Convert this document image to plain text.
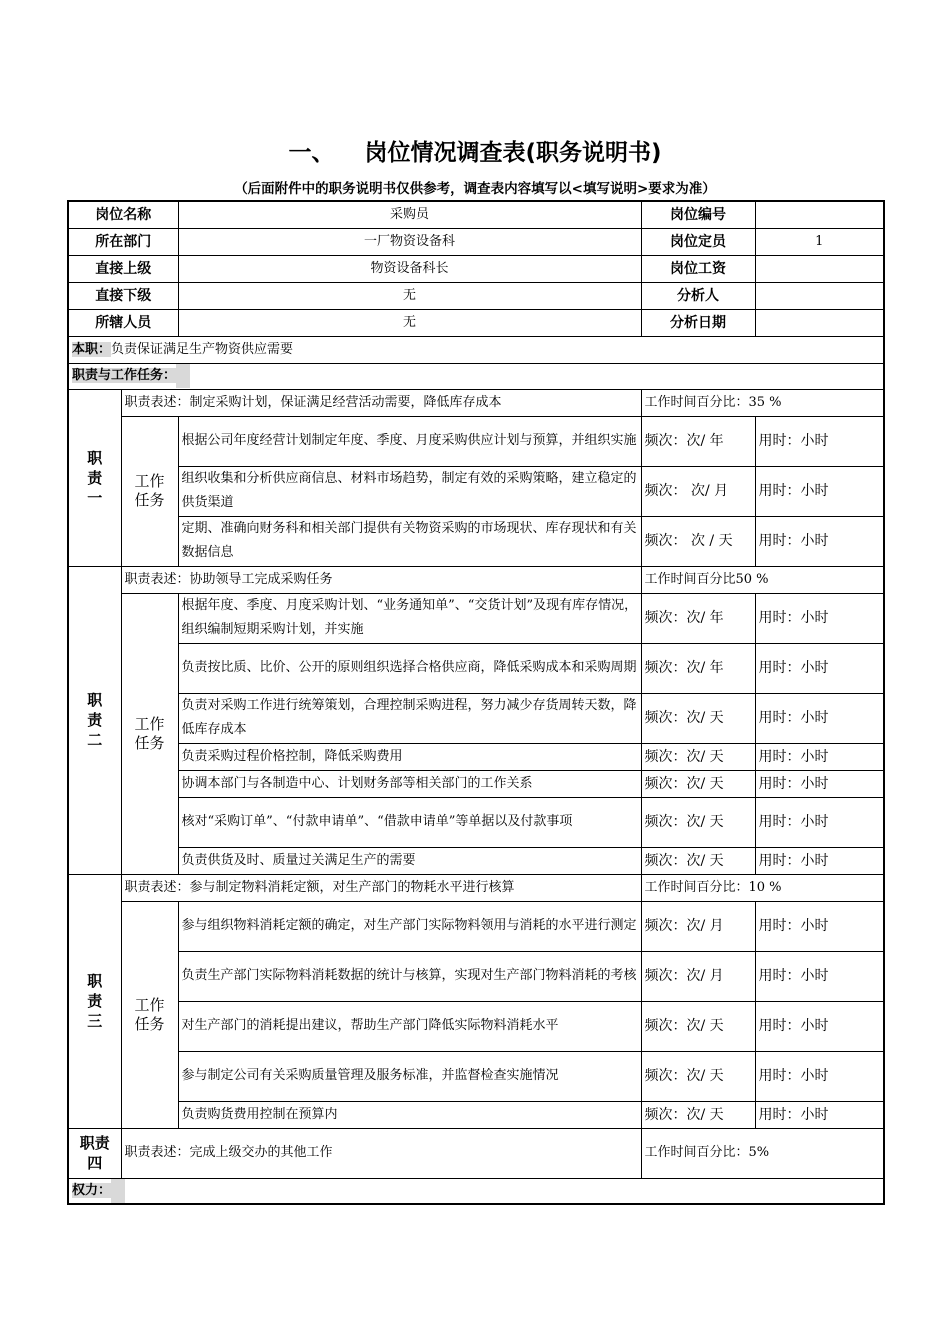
一、 岗位情况调查表(职务说明书)
（后面附件中的职务说明书仅供参考，调查表内容填写以<填写说明>要求为准）
岗位名称		采购员	岗位编号	
所在部门		一厂物资设备科	岗位定员	1
直接上级		物资设备科长	岗位工资	
直接下级		无	分析人	
所辖人员		无	分析日期	
本职：负责保证满足生产物资供应需要				
职责与工作任务：				
职责一	职责表述：制定采购计划，保证满足经营活动需要，降低库存成本		工作时间百分比：35 %	
	工作任务	根据公司年度经营计划制定年度、季度、月度采购供应计划与预算，并组织实施	频次：次/ 年	用时：小时
		组织收集和分析供应商信息、材料市场趋势，制定有效的采购策略，建立稳定的供货渠道	频次： 次/ 月	用时：小时
		定期、准确向财务科和相关部门提供有关物资采购的市场现状、库存现状和有关数据信息	频次： 次 / 天	用时：小时
职责二	职责表述：协助领导工完成采购任务		工作时间百分比50 %	
	工作任务	根据年度、季度、月度采购计划、“业务通知单”、“交货计划”及现有库存情况，组织编制短期采购计划，并实施	频次：次/ 年	用时：小时
		负责按比质、比价、公开的原则组织选择合格供应商，降低采购成本和采购周期	频次：次/ 年	用时：小时
		负责对采购工作进行统筹策划，合理控制采购进程，努力减少存货周转天数，降低库存成本	频次：次/ 天	用时：小时
		负责采购过程价格控制，降低采购费用	频次：次/ 天	用时：小时
		协调本部门与各制造中心、计划财务部等相关部门的工作关系	频次：次/ 天	用时：小时
		核对“采购订单”、“付款申请单”、“借款申请单”等单据以及付款事项	频次：次/ 天	用时：小时
		负责供货及时、质量过关满足生产的需要	频次：次/ 天	用时：小时
职责三	职责表述：参与制定物料消耗定额，对生产部门的物耗水平进行核算		工作时间百分比：10 %	
	工作任务	参与组织物料消耗定额的确定，对生产部门实际物料领用与消耗的水平进行测定	频次：次/ 月	用时：小时
		负责生产部门实际物料消耗数据的统计与核算，实现对生产部门物料消耗的考核	频次：次/ 月	用时：小时
		对生产部门的消耗提出建议，帮助生产部门降低实际物料消耗水平	频次：次/ 天	用时：小时
		参与制定公司有关采购质量管理及服务标准，并监督检查实施情况	频次：次/ 天	用时：小时
		负责购货费用控制在预算内	频次：次/ 天	用时：小时
职责四	职责表述：完成上级交办的其他工作		工作时间百分比：5%	
权力：				
